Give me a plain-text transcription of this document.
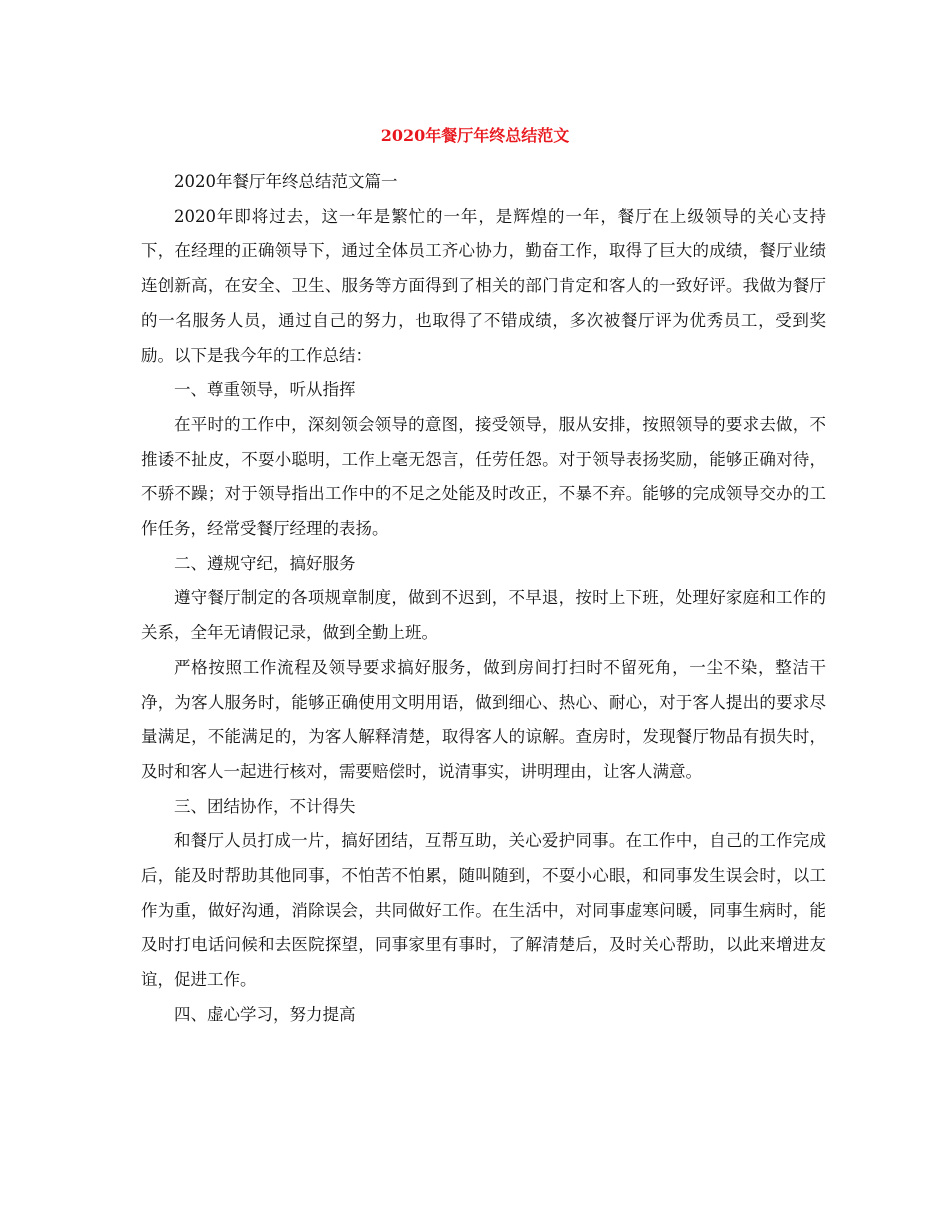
2020年餐厅年终总结范文

2020年餐厅年终总结范文篇一

2020年即将过去，这一年是繁忙的一年，是辉煌的一年，餐厅在上级领导的关心支持下，在经理的正确领导下，通过全体员工齐心协力，勤奋工作，取得了巨大的成绩，餐厅业绩连创新高，在安全、卫生、服务等方面得到了相关的部门肯定和客人的一致好评。我做为餐厅的一名服务人员，通过自己的努力，也取得了不错成绩，多次被餐厅评为优秀员工，受到奖励。以下是我今年的工作总结：

一、尊重领导，听从指挥

在平时的工作中，深刻领会领导的意图，接受领导，服从安排，按照领导的要求去做，不推诿不扯皮，不耍小聪明，工作上毫无怨言，任劳任怨。对于领导表扬奖励，能够正确对待，不骄不躁；对于领导指出工作中的不足之处能及时改正，不暴不弃。能够的完成领导交办的工作任务，经常受餐厅经理的表扬。

二、遵规守纪，搞好服务

遵守餐厅制定的各项规章制度，做到不迟到，不早退，按时上下班，处理好家庭和工作的关系，全年无请假记录，做到全勤上班。

严格按照工作流程及领导要求搞好服务，做到房间打扫时不留死角，一尘不染，整洁干净，为客人服务时，能够正确使用文明用语，做到细心、热心、耐心，对于客人提出的要求尽量满足，不能满足的，为客人解释清楚，取得客人的谅解。查房时，发现餐厅物品有损失时，及时和客人一起进行核对，需要赔偿时，说清事实，讲明理由，让客人满意。

三、团结协作，不计得失

和餐厅人员打成一片，搞好团结，互帮互助，关心爱护同事。在工作中，自己的工作完成后，能及时帮助其他同事，不怕苦不怕累，随叫随到，不耍小心眼，和同事发生误会时，以工作为重，做好沟通，消除误会，共同做好工作。在生活中，对同事虚寒问暖，同事生病时，能及时打电话问候和去医院探望，同事家里有事时，了解清楚后，及时关心帮助，以此来增进友谊，促进工作。

四、虚心学习，努力提高
